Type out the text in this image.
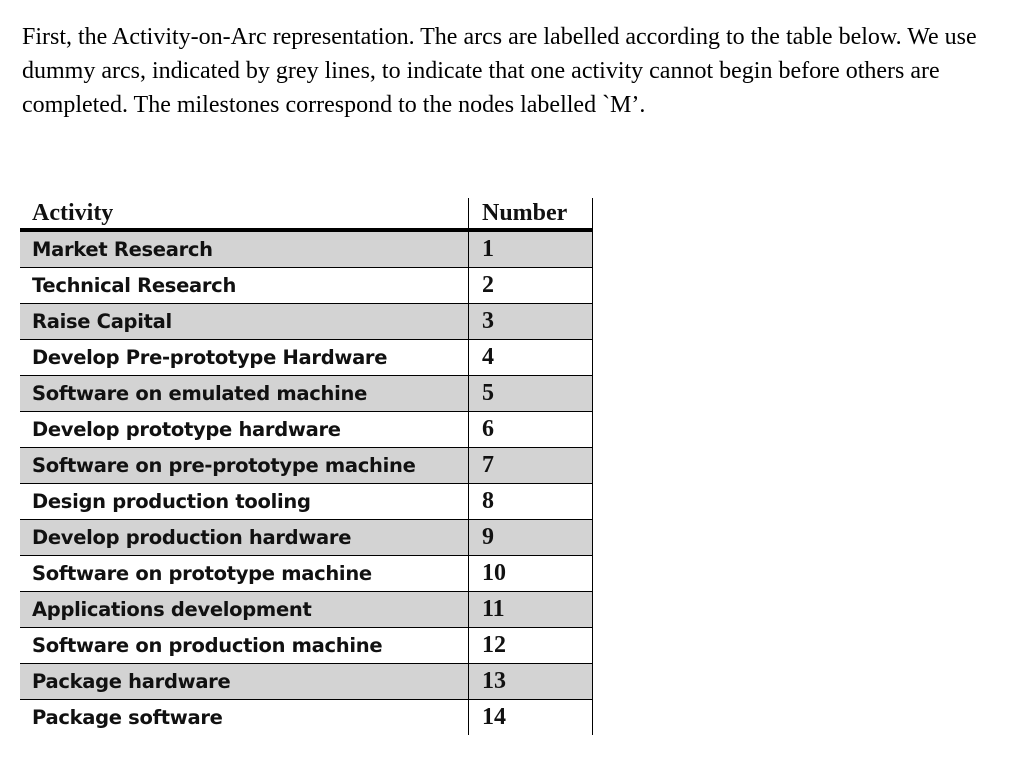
First, the Activity-on-Arc representation. The arcs are labelled according to the table below. We use dummy arcs, indicated by grey lines, to indicate that one activity cannot begin before others are completed. The milestones correspond to the nodes labelled `M’.

Activity	Number
Market Research	1
Technical Research	2
Raise Capital	3
Develop Pre-prototype Hardware	4
Software on emulated machine	5
Develop prototype hardware	6
Software on pre-prototype machine	7
Design production tooling	8
Develop production hardware	9
Software on prototype machine	10
Applications development	11
Software on production machine	12
Package hardware	13
Package software	14
